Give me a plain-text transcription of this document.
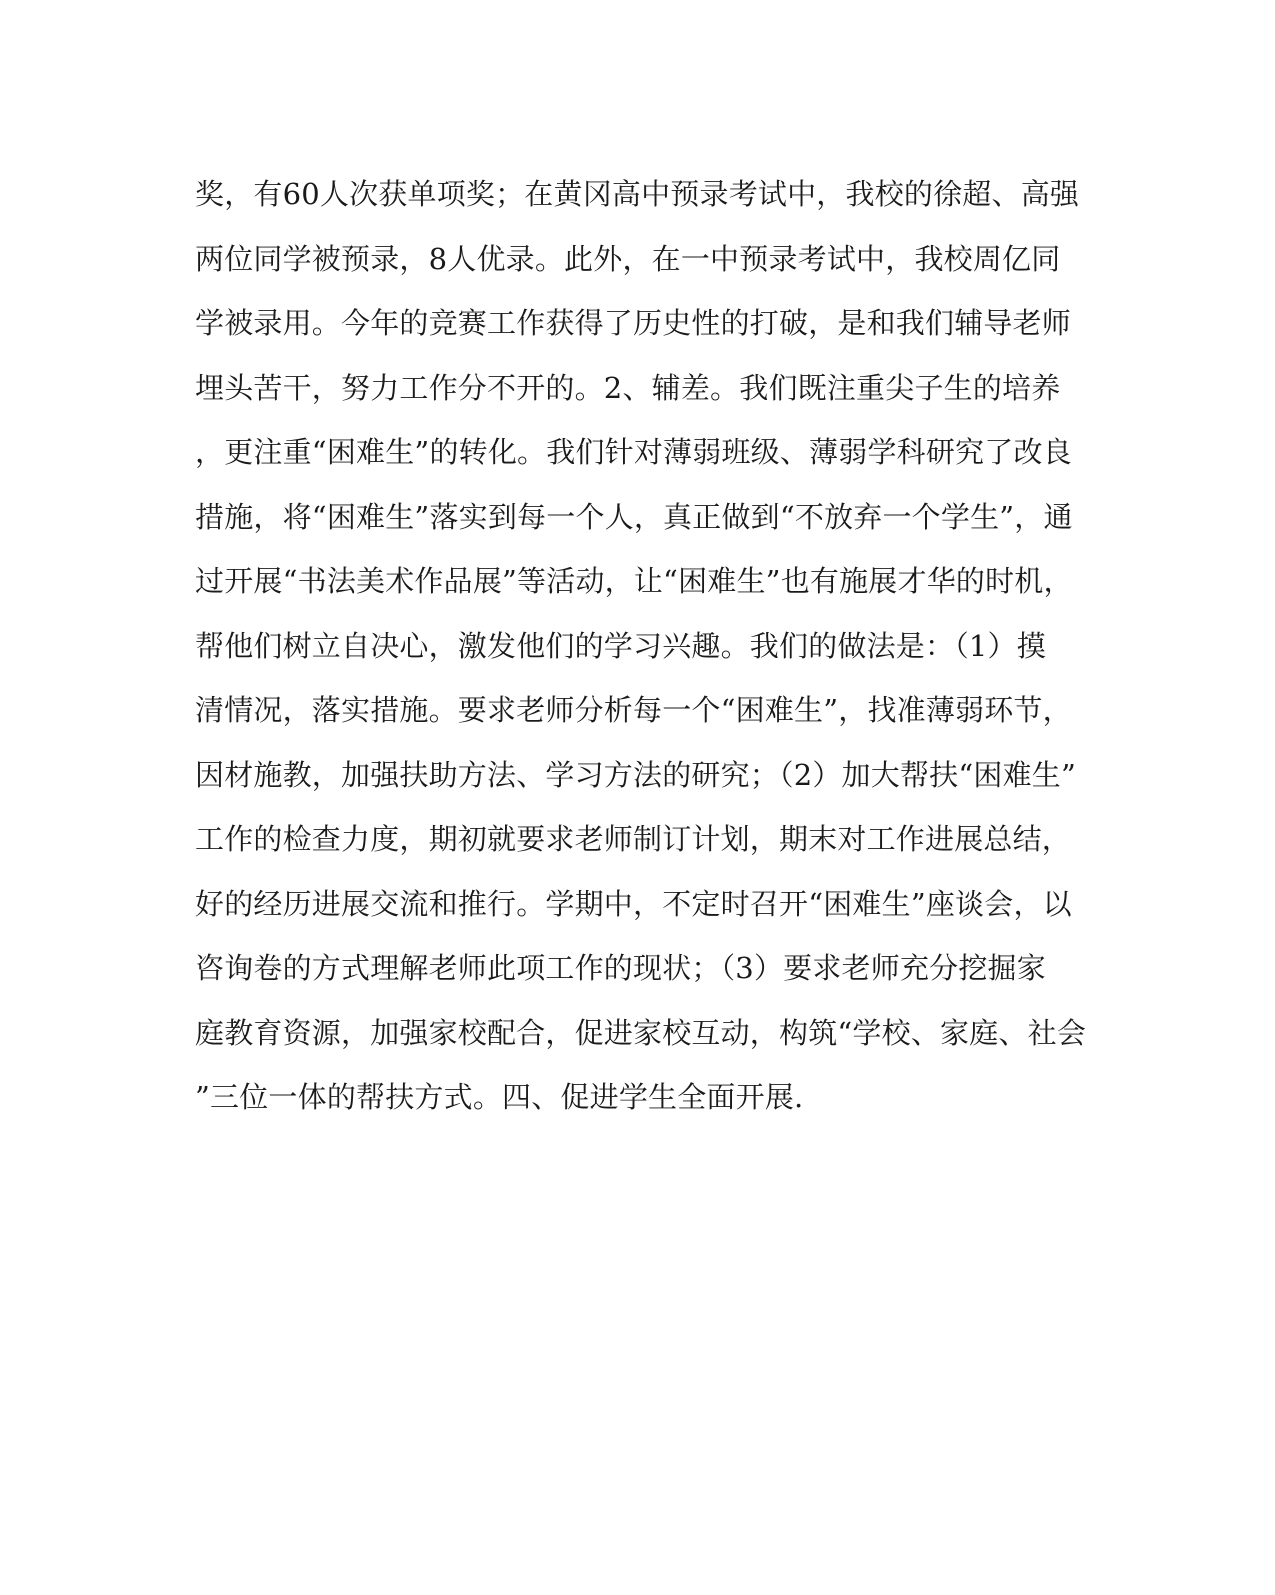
奖，有60人次获单项奖；在黄冈高中预录考试中，我校的徐超、高强
两位同学被预录，8人优录。此外，在一中预录考试中，我校周亿同
学被录用。今年的竞赛工作获得了历史性的打破，是和我们辅导老师
埋头苦干，努力工作分不开的。2、辅差。我们既注重尖子生的培养
，更注重“困难生”的转化。我们针对薄弱班级、薄弱学科研究了改良
措施，将“困难生”落实到每一个人，真正做到“不放弃一个学生”，通
过开展“书法美术作品展”等活动，让“困难生”也有施展才华的时机，
帮他们树立自决心，激发他们的学习兴趣。我们的做法是：（1）摸
清情况，落实措施。要求老师分析每一个“困难生”，找准薄弱环节，
因材施教，加强扶助方法、学习方法的研究；（2）加大帮扶“困难生”
工作的检查力度，期初就要求老师制订计划，期末对工作进展总结，
好的经历进展交流和推行。学期中，不定时召开“困难生”座谈会，以
咨询卷的方式理解老师此项工作的现状；（3）要求老师充分挖掘家
庭教育资源，加强家校配合，促进家校互动，构筑“学校、家庭、社会
”三位一体的帮扶方式。四、促进学生全面开展.
